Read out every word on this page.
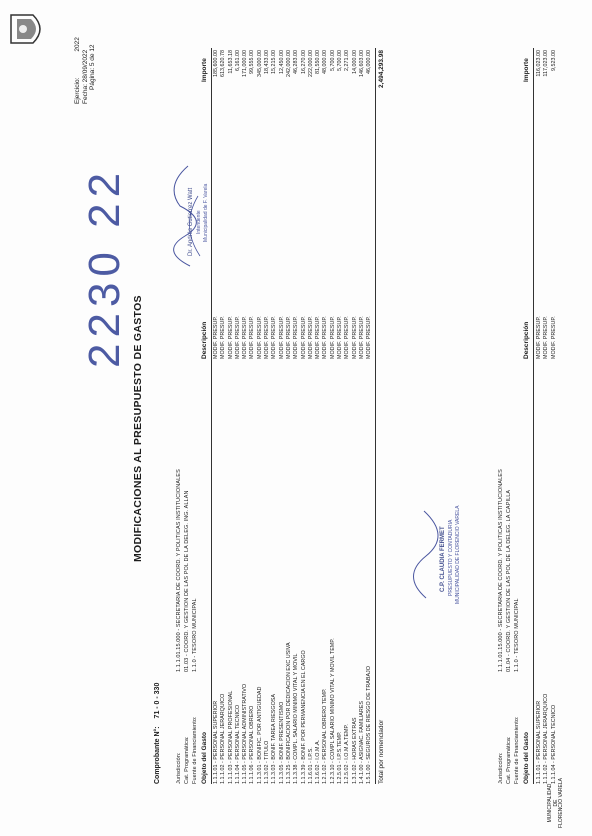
MUNICIPALIDAD DE FLORENCIO VARELA
Ejercicio:2022
Fecha: 28/09/2022 Página: 5 de 12
MODIFICACIONES AL PRESUPUESTO DE GASTOS
Comprobante N°:  71 - 0 - 330
Jurisdicción:1.1.1.01.15.000 - SECRETARIA DE COORD. Y POLITICAS INSTITUCIONALES
Cat. Programática:01.03 - COORD. Y GESTION DE LAS POL DE LA DELEG. ING. ALLAN
Fuente de Financiamiento:1.1.0 - TESORO MUNICIPAL
Objeto del Gasto
Descripción
Importe
1.1.1.01 - PERSONAL SUPERIOR 1.1.1.02 - PERSONAL JERARQUICO 1.1.1.03 - PERSONAL PROFESIONAL 1.1.1.04 - PERSONAL TECNICO 1.1.1.05 - PERSONAL ADMINISTRATIVO 1.1.1.06 - PERSONAL OBRERO 1.1.3.01 - BONIFIC. POR ANTIGUEDAD 1.1.3.02 - TITULO 1.1.3.03 - BONIF. TAREA RIESGOSA 1.1.3.05 - BONIF. PRESENTISMO 1.1.3.25 - BONIFICACION POR DEDICACION EXC USIVA 1.1.3.38 - COMPL. SALARIO MINIMO VITAL Y MOVIL 1.1.3.39 - BONIF. POR PERMANENCIA EN EL CARGO 1.1.6.01 - I.P.S. 1.1.6.02 - I.O.M.A. 1.2.1.02 - PERSONAL OBRERO TEMP. 1.2.3.10 - COMPL SALARIO MINIMO VITAL Y MOVIL TEMP. 1.2.5.01 - I.P.S.TEMP. 1.2.5.02 - I.O.M.A.TEMP. 1.3.1.02 - HORAS EXTRAS 1.4.1.00 - ASIGNAC. FAMILIARES 1.5.1.00 - SEGUROS DE RIESGO DE TRABAJO
MODIF. PRESUP. MODIF. PRESUP. MODIF. PRESUP. MODIF. PRESUP. MODIF. PRESUP. MODIF. PRESUP. MODIF. PRESUP. MODIF. PRESUP. MODIF. PRESUP. MODIF. PRESUP. MODIF. PRESUP. MODIF. PRESUP. MODIF. PRESUP. MODIF. PRESUP. MODIF. PRESUP. MODIF. PRESUP. MODIF. PRESUP. MODIF. PRESUP. MODIF. PRESUP. MODIF. PRESUP. MODIF. PRESUP. MODIF. PRESUP.
185,600.00 613,620.78 11,653.18 6,161.00 171,000.00 99,555.00 345,000.00 18,433.00 15,215.00 12,450.00 242,000.00 46,283.00 16,270.00 222,000.00 81,550.00 48,000.00 5,700.00 5,700.00 2,271.00 14,000.00 146,603.00 46,000.00
Total por nomenclador
2,494,293.98
Jurisdicción:1.1.1.01.15.000 - SECRETARIA DE COORD. Y POLITICAS INSTITUCIONALES
Cat. Programática:01.04 - COORD. Y GESTION DE LAS POL DE LA DELEG. LA CAPILLA
Fuente de Financiamiento:1.1.0 - TESORO MUNICIPAL
Objeto del Gasto
Descripción
Importe
1.1.1.01 - PERSONAL SUPERIOR 1.1.1.02 - PERSONAL JERARQUICO 1.1.1.04 - PERSONAL TECNICO
MODIF. PRESUP. MODIF. PRESUP. MODIF. PRESUP.
116,023.00 117,023.00 9,523.00
2230 22	Dr. Andrés Gutierrez Watt Intendente Municipalidad de F. Varela
C.P. CLAUDIA FERMET PRESUPUESTO Y CONTADURIA MUNICIPALIDAD DE FLORENCIO VARELA
